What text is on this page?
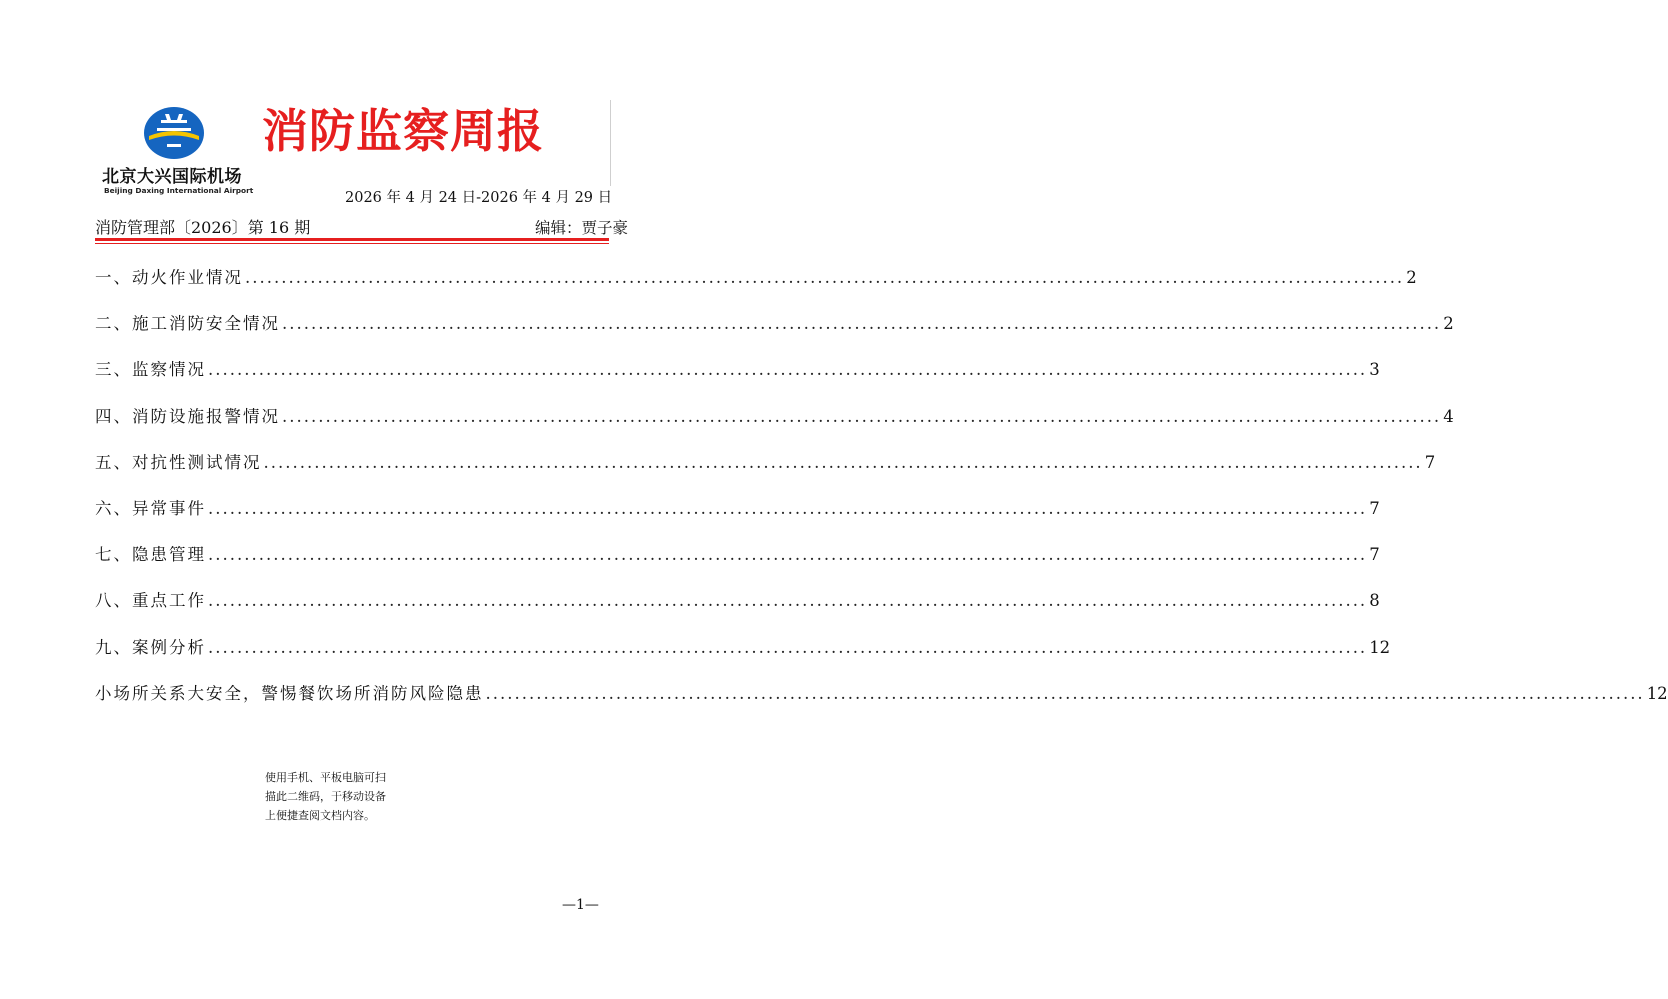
北京大兴国际机场
Beijing Daxing International Airport
消防监察周报
2026 年 4 月 24 日-2026 年 4 月 29 日
消防管理部〔2026〕第 16 期	编辑：贾子豪
一、 动火作业情况 ................................................................................................................................................................ 2
二、 施工消防安全情况 ................................................................................................................................................................ 2
三、 监察情况 ................................................................................................................................................................ 3
四、 消防设施报警情况 ................................................................................................................................................................ 4
五、 对抗性测试情况 ................................................................................................................................................................ 7
六、 异常事件 ................................................................................................................................................................ 7
七、 隐患管理 ................................................................................................................................................................ 7
八、 重点工作 ................................................................................................................................................................ 8
九、 案例分析 ................................................................................................................................................................ 12
小场所关系大安全，警惕餐饮场所消防风险隐患 ................................................................................................................................................................ 12
使用手机、平板电脑可扫
描此二维码，于移动设备
上便捷查阅文档内容。
—1—
